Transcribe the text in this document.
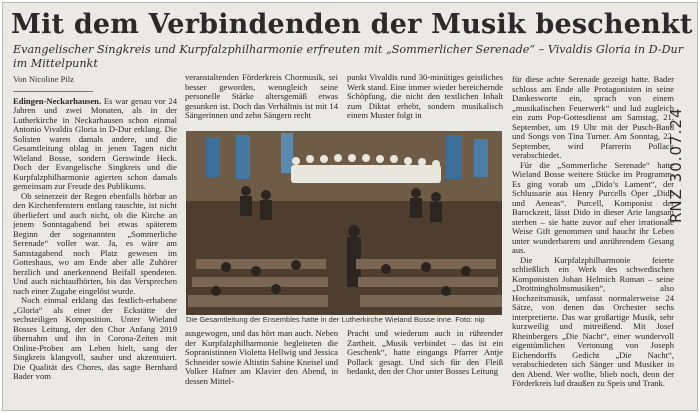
Mit dem Verbindenden der Musik beschenkt
Evangelischer Singkreis und Kurpfalzphilharmonie erfreuten mit „Sommerlicher Serenade“ – Vivaldis Gloria in D-Dur im Mittelpunkt
Von Nicoline Pilz

Edingen-Neckarhausen. Es war genau vor 24 Jahren und zwei Monaten, als in der Lutherkirche in Neckarhausen schon einmal Antonio Vivaldis Gloria in D-Dur erklang. Die Solisten waren damals andere, und die Gesamtleitung oblag in jenen Tagen nicht Wieland Bosse, sondern Gerswinde Heck. Doch der Evangelische Singkreis und die Kurpfalzphilharmonie agierten schon damals gemeinsam zur Freude des Publikums.

Ob seinerzeit der Regen ebenfalls hörbar an den Kirchenfenstern entlang rauschte, ist nicht überliefert und auch nicht, ob die Kirche an jenem Sonntagabend bei etwas späterem Beginn der sogenannten „Sommerliche Serenade“ voller war. Ja, es wäre am Samstagabend noch Platz gewesen im Gotteshaus, wo am Ende aber alle Zuhörer herzlich und anerkennend Beifall spendeten. Und auch nichtaufhörten, bis das Versprechen nach einer Zugabe eingelöst wurde.

Noch einmal erklang das festlich-erhabene „Gloria“ als einer der Eckstätte der sechsteiligen Komposition. Unter Wieland Bosses Leitung, der den Chor Anfang 2019 übernahm und ihn in Corona-Zeiten mit Online-Proben am Leben hielt, sang der Singkreis klangvoll, sauber und akzentuiert. Die Qualität des Chores, das sagte Bernhard Bader vom

veranstaltenden Förderkreis Chormusik, sei besser geworden, wenngleich seine personelle Stärke altersgemäß etwas gesunken ist. Doch das Verhältnis ist mit 14 Sängerinnen und zehn Sängern recht

punkt Vivaldis rund 30-minütiges geistliches Werk stand. Eine immer wieder bereichernde Schöpfung, die nicht den textlichen Inhalt zum Diktat erhebt, sondern musikalisch einem Muster folgt in

Die Gesamtleitung der Ensembles hatte in der Lutherkirche Wieland Bosse inne. Foto: nip

ausgewogen, und das hört man auch. Neben der Kurpfalzphilharmonie begleiteten die Sopranistinnen Violetta Hellwig und Jessica Schneider sowie Altistin Sabine Kneisel und Volker Hafner am Klavier den Abend, in dessen Mittel-

Pracht und wiederum auch in rührender Zartheit. „Musik verbindet – das ist ein Geschenk“, hatte eingangs Pfarrer Antje Pollack gesagt. Und sich für den Fleiß bedankt, den der Chor unter Bosses Leitung

für diese achte Serenade gezeigt hatte. Bader schloss am Ende alle Protagonisten in seine Dankesworte ein, sprach von einem „musikalischen Feuerwerk“ und lud zugleich ein zum Pop-Gottesdienst am Samstag, 21. September, um 19 Uhr mit der Pusch-Band und Songs von Tina Turner. Am Sonntag, 22. September, wird Pfarrerin Pollack verabschiedet.

Für die „Sommerliche Serenade“ hatte Wieland Bosse weitere Stücke im Programm. Es ging vorab um „Dido’s Lament“, der Schlussarie aus Henry Purcells Oper „Dido und Aeneas“. Purcell, Komponist der Barockzeit, lässt Dido in dieser Arie langsam sterben – sie hatte zuvor auf eher irrationale Weise Gift genommen und haucht ihr Leben unter wunderbarem und anrührendem Gesang aus.

Die Kurpfalzphilharmonie feierte schließlich ein Werk des schwedischen Komponisten Johan Helmich Roman – seine „Drottningholmsmusiken“, also Hochzeitsmusik, umfasst normalerweise 24 Sätze, von denen das Orchester sechs interpretierte. Das war großartige Musik, sehr kurzweilig und mitreißend. Mit Josef Rheinbergers „Die Nacht“, einer wundervoll eigentümlichen Vertonung von Joseph Eichendorffs Gedicht „Die Nacht“, verabschiedeten sich Sänger und Musiker in den Abend. Wer wollte, blieb noch, denn der Förderkreis lud draußen zu Speis und Trank.

RNZ 30.07.24
